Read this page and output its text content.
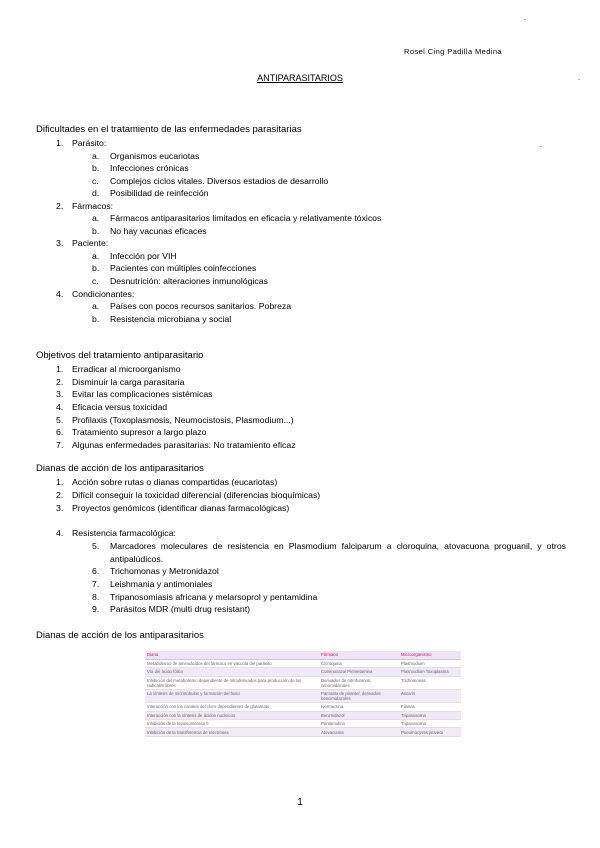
Rosel Cing Padilla Medina
ANTIPARASITARIOS
Dificultades en el tratamiento de las enfermedades parasitarias
1. Parásito:
a. Organismos eucariotas
b. Infecciones crónicas
c. Complejos ciclos vitales. Diversos estadios de desarrollo
d. Posibilidad de reinfección
2. Fármacos:
a. Fármacos antiparasitarios limitados en eficacia y relativamente tóxicos
b. No hay vacunas eficaces
3. Paciente:
a. Infección por VIH
b. Pacientes con múltiples coinfecciones
c. Desnutrición: alteraciones inmunológicas
4. Condicionantes:
a. Países con pocos recursos sanitarios. Pobreza
b. Resistencia microbiana y social
Objetivos del tratamiento antiparasitario
1. Erradicar al microorganismo
2. Disminuir la carga parasitaria
3. Evitar las complicaciones sistémicas
4. Eficacia versus toxicidad
5. Profilaxis (Toxoplasmosis, Neumocistosis, Plasmodium...)
6. Tratamiento supresor a largo plazo
7. Algunas enfermedades parasitarias: No tratamiento eficaz
Dianas de acción de los antiparasitarios
1. Acción sobre rutas o dianas compartidas (eucariotas)
2. Difícil conseguir la toxicidad diferencial (diferencias bioquímicas)
3. Proyectos genómicos (identificar dianas farmacológicas)
4. Resistencia farmacológica:
5. Marcadores moleculares de resistencia en Plasmodium falciparum a cloroquina, atovacuona proguanil, y otros antipalúdicos.
6. Trichomonas y Metronidazol
7. Leishmania y antimoniales
8. Tripanosomiasis africana y melarsoprol y pentamidina
9. Parásitos MDR (multi drug resistant)
Dianas de acción de los antiparasitarios
Diana	Fármaco	Microorganismo
Metabolismo de aminoácidos del fármaco en vacuola del parásito	Cloroquina	Plasmodium
Vía del ácido fólico	Cotrimoxazol Pirimetamina	Plasmodium Toxoplasma
Inhibición del metabolismo dependiente de nitroderivados para producción de los radicales libres	Derivados de nitrofuranos, nitroimidazoles	Trichomonas
La síntesis de microtúbulos y formación del huso	Pamoato de pirantel, derivados bencimidazoles	Ascaris
Interacción con los canales del cloro dependientes de glutamato	Ivermectina	Filarias
Interacción con la síntesis de ácidos nucleicos	Benznidazol	Tripanosoma
Inhibición de la topoisomerasa II	Pentamidina	Tripanosoma
Inhibición de la transferencia de electrones	Atovacuona	Pneumocystis jirovecii
1
